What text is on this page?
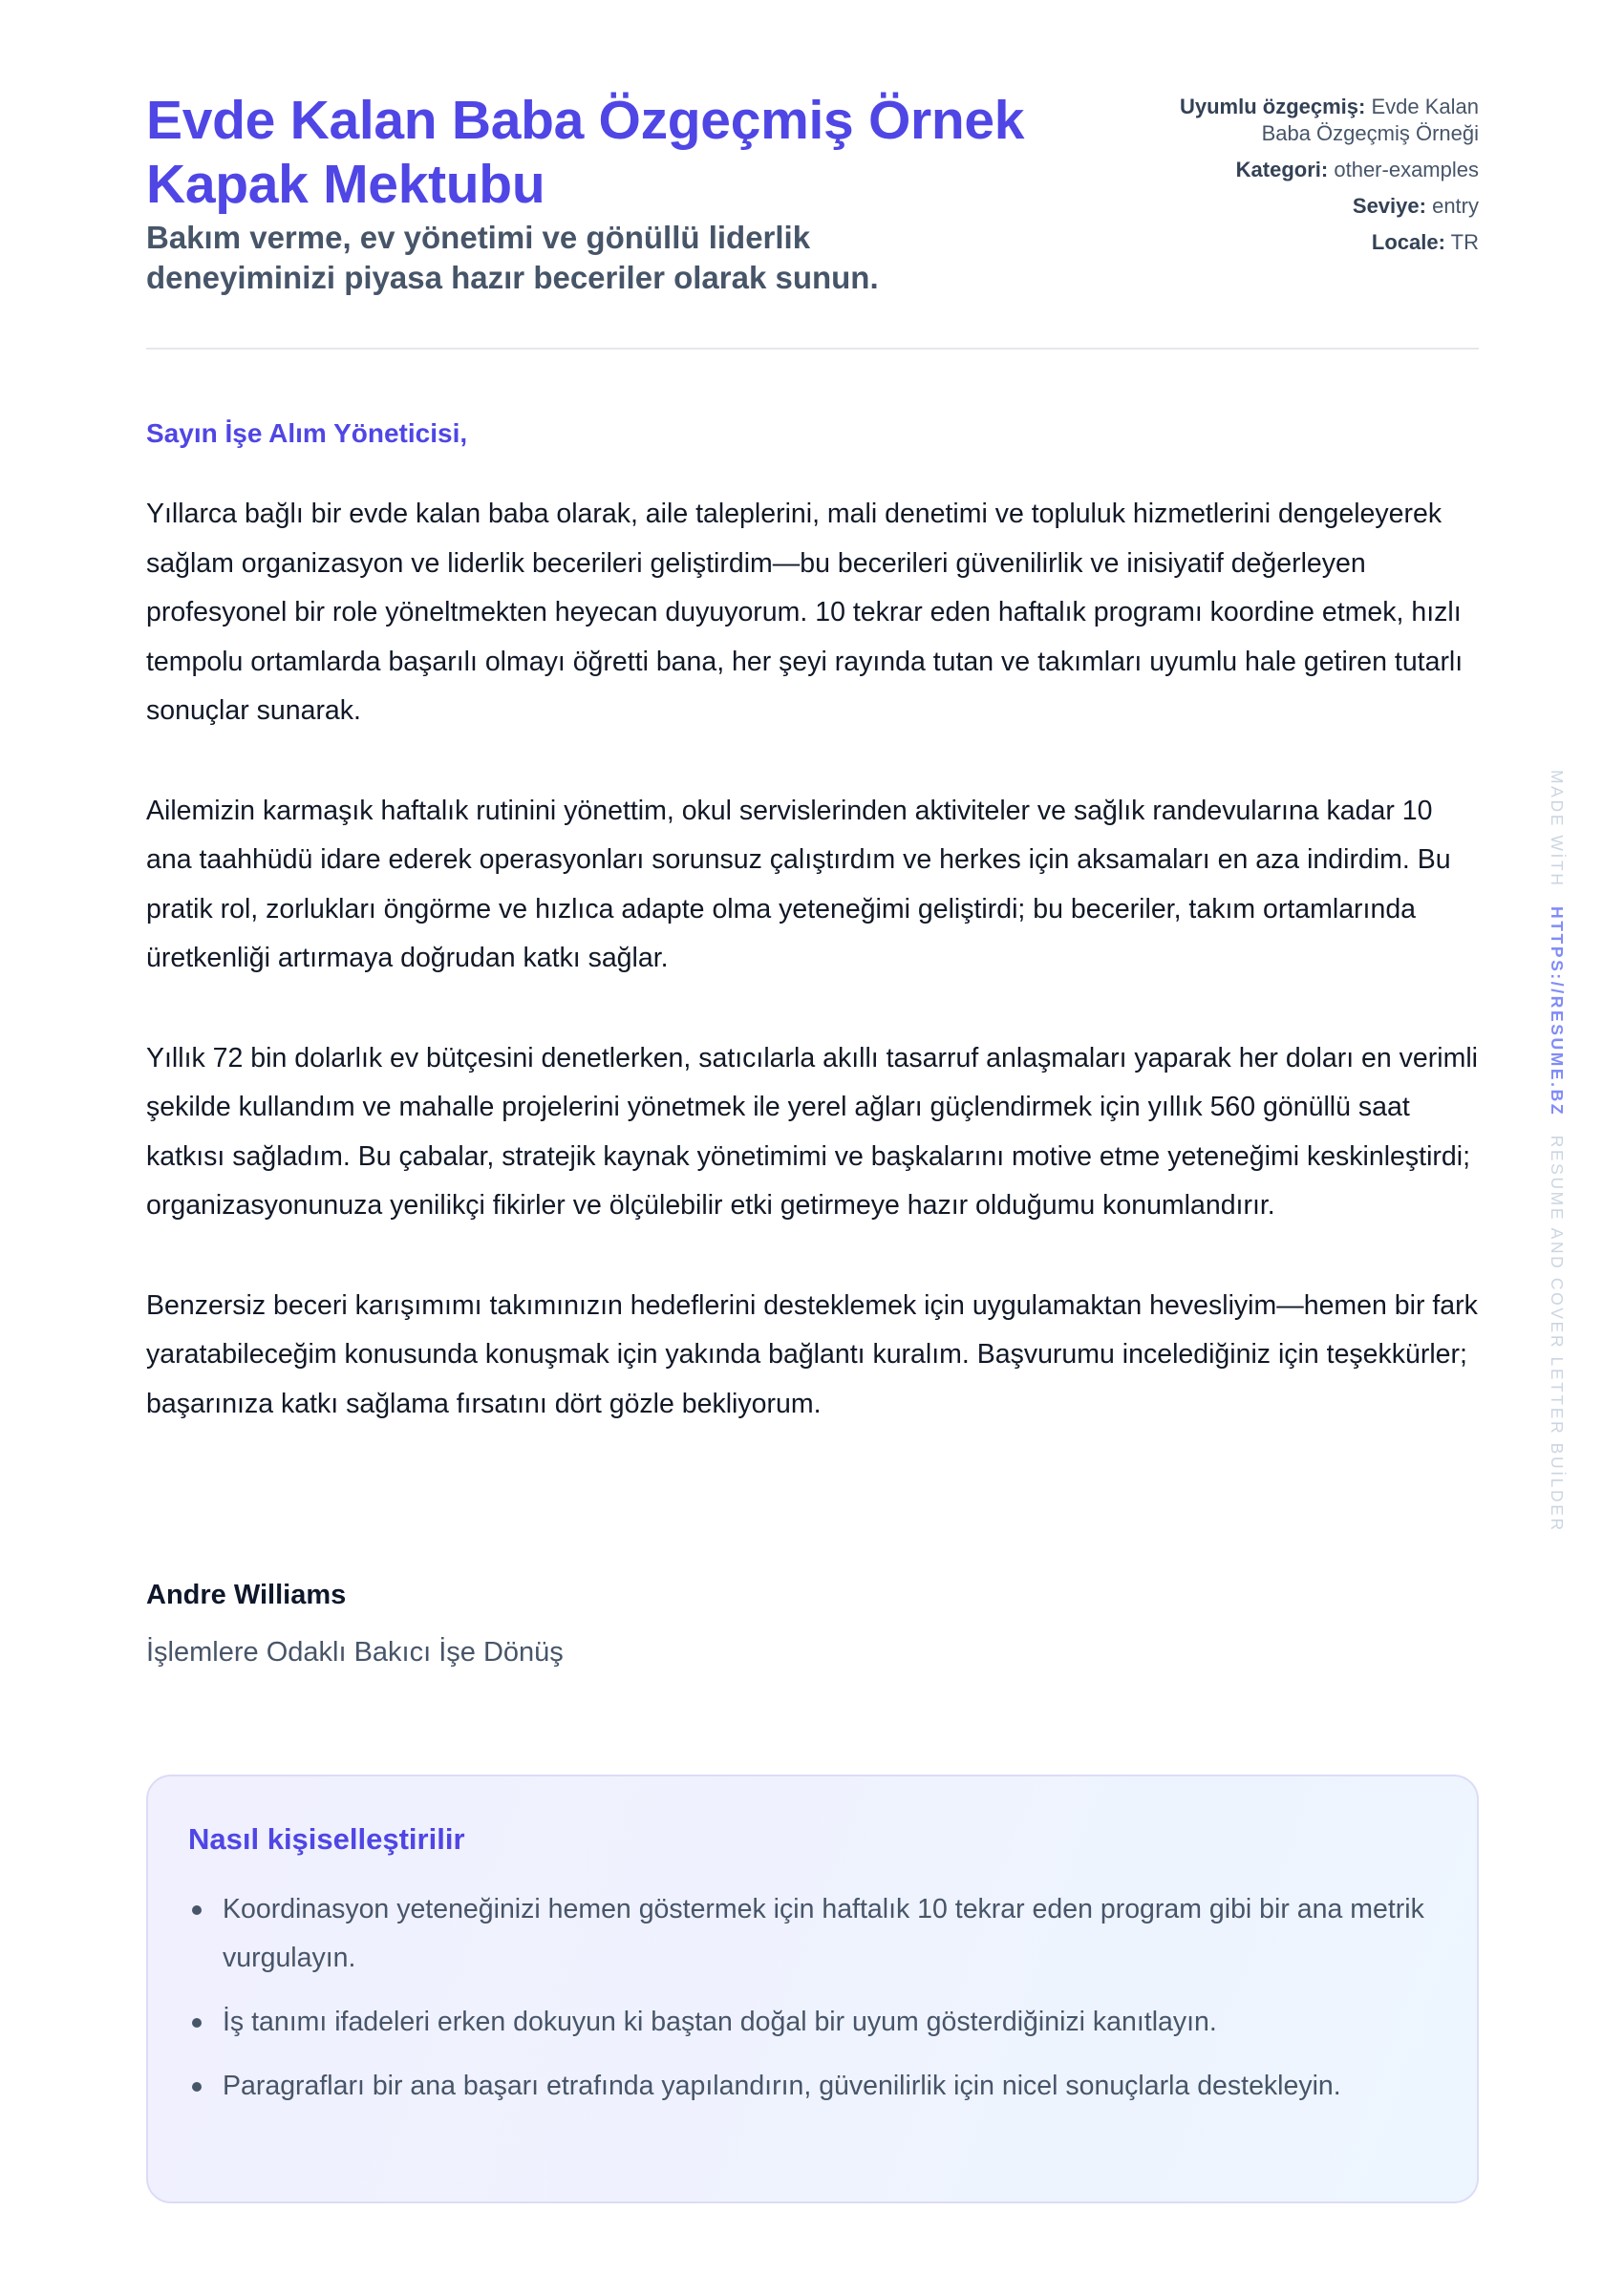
Evde Kalan Baba Özgeçmiş Örnek Kapak Mektubu
Bakım verme, ev yönetimi ve gönüllü liderlik deneyiminizi piyasa hazır beceriler olarak sunun.
Uyumlu özgeçmiş: Evde Kalan Baba Özgeçmiş Örneği
Kategori: other-examples
Seviye: entry
Locale: TR

Sayın İşe Alım Yöneticisi,

Yıllarca bağlı bir evde kalan baba olarak, aile taleplerini, mali denetimi ve topluluk hizmetlerini dengeleyerek sağlam organizasyon ve liderlik becerileri geliştirdim—bu becerileri güvenilirlik ve inisiyatif değerleyen profesyonel bir role yöneltmekten heyecan duyuyorum. 10 tekrar eden haftalık programı koordine etmek, hızlı tempolu ortamlarda başarılı olmayı öğretti bana, her şeyi rayında tutan ve takımları uyumlu hale getiren tutarlı sonuçlar sunarak.

Ailemizin karmaşık haftalık rutinini yönettim, okul servislerinden aktiviteler ve sağlık randevularına kadar 10 ana taahhüdü idare ederek operasyonları sorunsuz çalıştırdım ve herkes için aksamaları en aza indirdim. Bu pratik rol, zorlukları öngörme ve hızlıca adapte olma yeteneğimi geliştirdi; bu beceriler, takım ortamlarında üretkenliği artırmaya doğrudan katkı sağlar.

Yıllık 72 bin dolarlık ev bütçesini denetlerken, satıcılarla akıllı tasarruf anlaşmaları yaparak her doları en verimli şekilde kullandım ve mahalle projelerini yönetmek ile yerel ağları güçlendirmek için yıllık 560 gönüllü saat katkısı sağladım. Bu çabalar, stratejik kaynak yönetimimi ve başkalarını motive etme yeteneğimi keskinleştirdi; organizasyonunuza yenilikçi fikirler ve ölçülebilir etki getirmeye hazır olduğumu konumlandırır.

Benzersiz beceri karışımımı takımınızın hedeflerini desteklemek için uygulamaktan hevesliyim—hemen bir fark yaratabileceğim konusunda konuşmak için yakında bağlantı kuralım. Başvurumu incelediğiniz için teşekkürler; başarınıza katkı sağlama fırsatını dört gözle bekliyorum.

Andre Williams
İşlemlere Odaklı Bakıcı İşe Dönüş
Nasıl kişiselleştirilir
Koordinasyon yeteneğinizi hemen göstermek için haftalık 10 tekrar eden program gibi bir ana metrik vurgulayın.
İş tanımı ifadeleri erken dokuyun ki baştan doğal bir uyum gösterdiğinizi kanıtlayın.
Paragrafları bir ana başarı etrafında yapılandırın, güvenilirlik için nicel sonuçlarla destekleyin.
MADE WİTH HTTPS://RESUME.BZ RESUME AND COVER LETTER BUİLDER
